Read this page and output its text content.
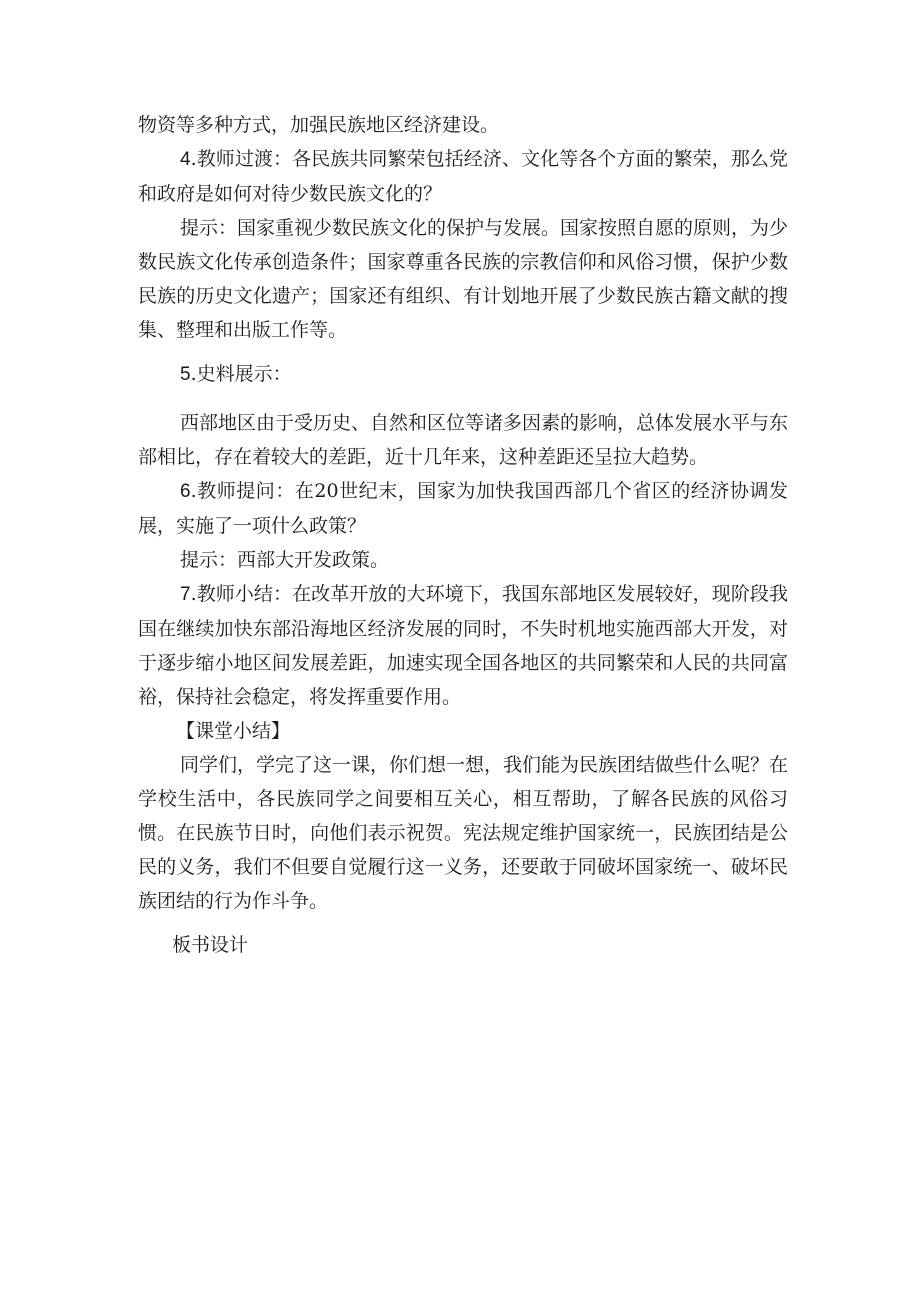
物资等多种方式，加强民族地区经济建设。

4.教师过渡：各民族共同繁荣包括经济、文化等各个方面的繁荣，那么党和政府是如何对待少数民族文化的？

提示：国家重视少数民族文化的保护与发展。国家按照自愿的原则，为少数民族文化传承创造条件；国家尊重各民族的宗教信仰和风俗习惯，保护少数民族的历史文化遗产；国家还有组织、有计划地开展了少数民族古籍文献的搜集、整理和出版工作等。

5.史料展示：

西部地区由于受历史、自然和区位等诸多因素的影响，总体发展水平与东部相比，存在着较大的差距，近十几年来，这种差距还呈拉大趋势。

6.教师提问：在20世纪末，国家为加快我国西部几个省区的经济协调发展，实施了一项什么政策？

提示：西部大开发政策。

7.教师小结：在改革开放的大环境下，我国东部地区发展较好，现阶段我国在继续加快东部沿海地区经济发展的同时，不失时机地实施西部大开发，对于逐步缩小地区间发展差距，加速实现全国各地区的共同繁荣和人民的共同富裕，保持社会稳定，将发挥重要作用。

【课堂小结】

同学们，学完了这一课，你们想一想，我们能为民族团结做些什么呢？在学校生活中，各民族同学之间要相互关心，相互帮助，了解各民族的风俗习惯。在民族节日时，向他们表示祝贺。宪法规定维护国家统一，民族团结是公民的义务，我们不但要自觉履行这一义务，还要敢于同破坏国家统一、破坏民族团结的行为作斗争。

板书设计
